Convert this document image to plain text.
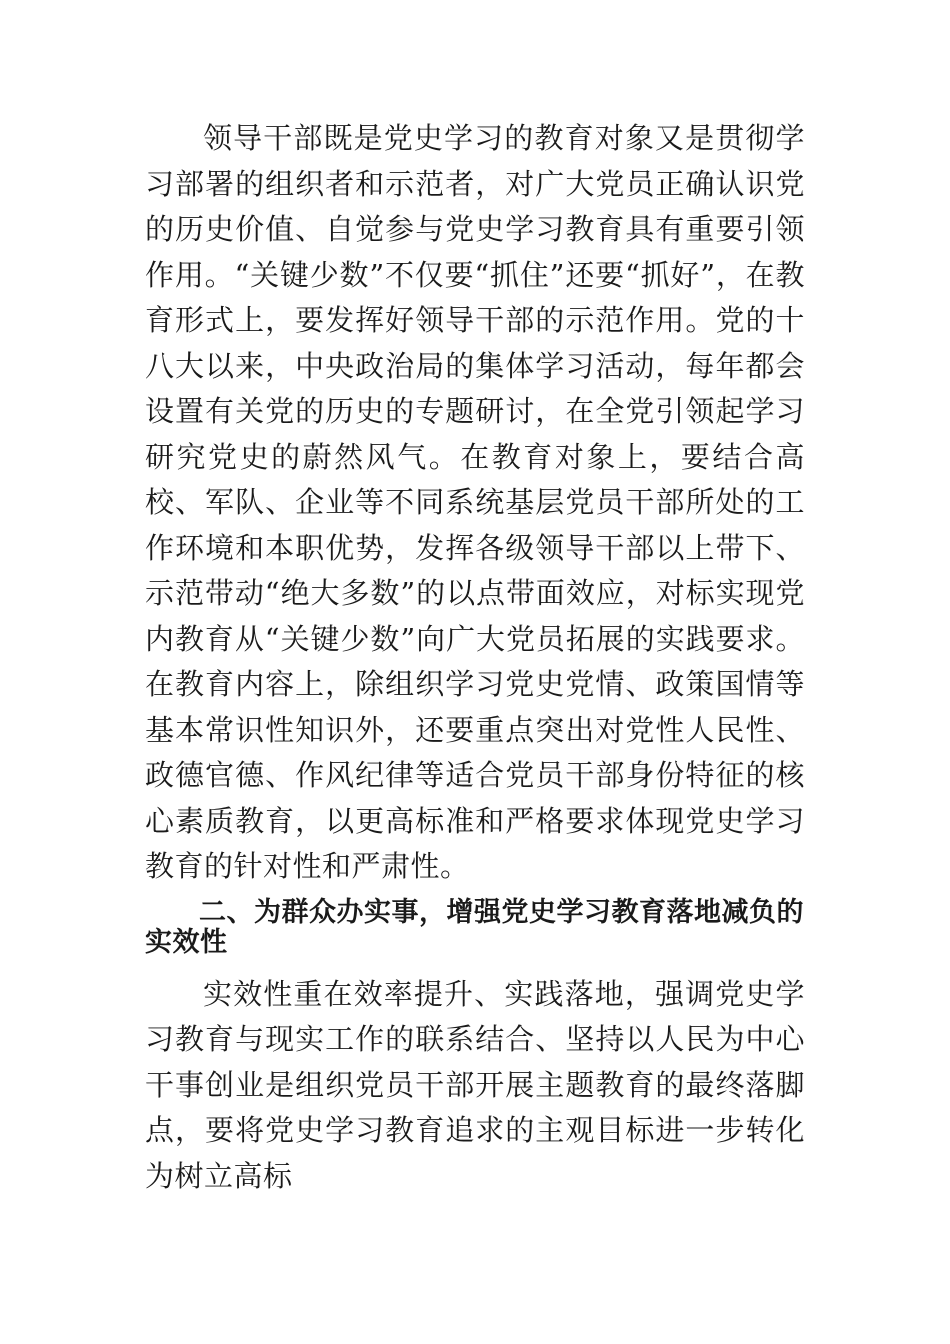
领导干部既是党史学习的教育对象又是贯彻学习部署的组织者和示范者，对广大党员正确认识党的历史价值、自觉参与党史学习教育具有重要引领作用。“关键少数”不仅要“抓住”还要“抓好”，在教育形式上，要发挥好领导干部的示范作用。党的十八大以来，中央政治局的集体学习活动，每年都会设置有关党的历史的专题研讨，在全党引领起学习研究党史的蔚然风气。在教育对象上，要结合高校、军队、企业等不同系统基层党员干部所处的工作环境和本职优势，发挥各级领导干部以上带下、示范带动“绝大多数”的以点带面效应，对标实现党内教育从“关键少数”向广大党员拓展的实践要求。在教育内容上，除组织学习党史党情、政策国情等基本常识性知识外，还要重点突出对党性人民性、政德官德、作风纪律等适合党员干部身份特征的核心素质教育，以更高标准和严格要求体现党史学习教育的针对性和严肃性。

二、为群众办实事，增强党史学习教育落地减负的实效性

实效性重在效率提升、实践落地，强调党史学习教育与现实工作的联系结合、坚持以人民为中心干事创业是组织党员干部开展主题教育的最终落脚点，要将党史学习教育追求的主观目标进一步转化为树立高标
